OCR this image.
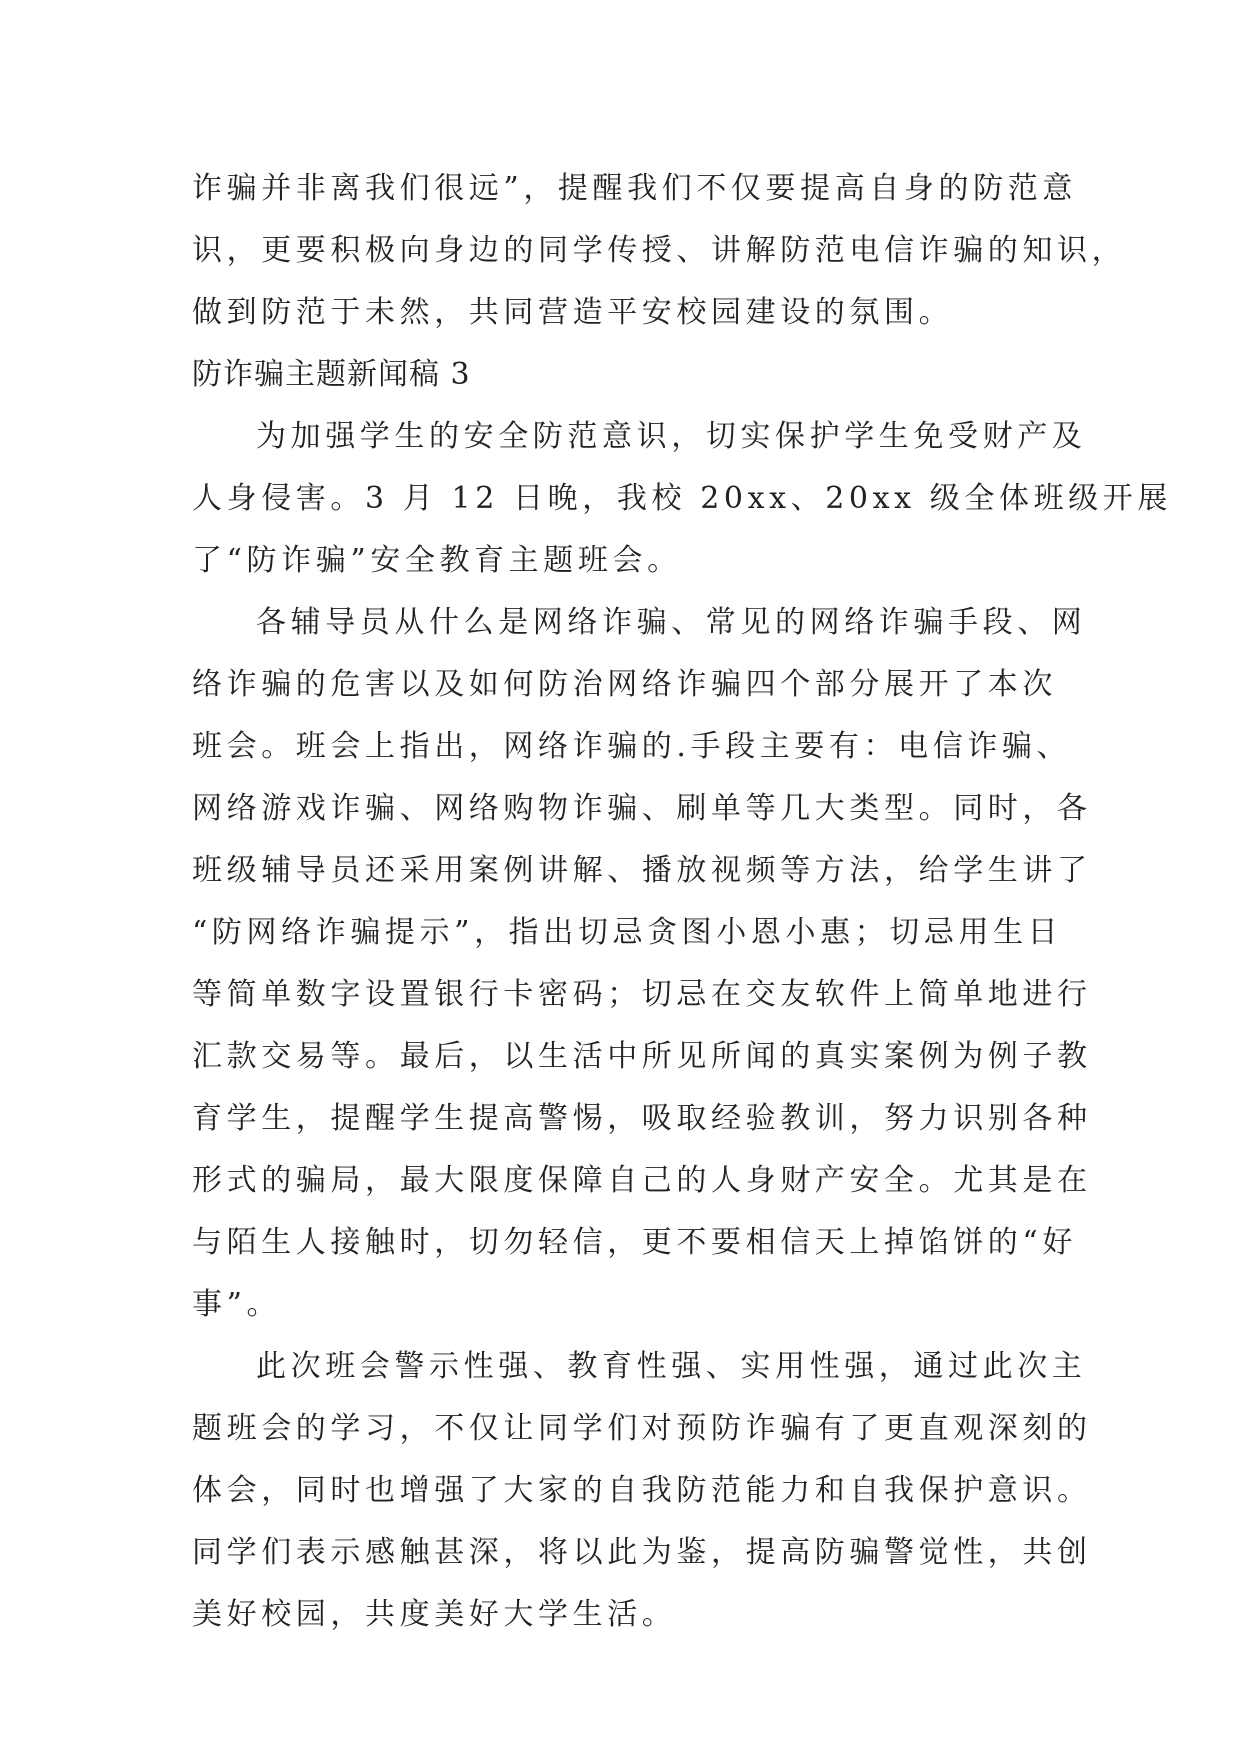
诈骗并非离我们很远”，提醒我们不仅要提高自身的防范意
识，更要积极向身边的同学传授、讲解防范电信诈骗的知识，
做到防范于未然，共同营造平安校园建设的氛围。
防诈骗主题新闻稿 3
为加强学生的安全防范意识，切实保护学生免受财产及
人身侵害。3 月 12 日晚，我校 20xx、20xx 级全体班级开展
了“防诈骗”安全教育主题班会。
各辅导员从什么是网络诈骗、常见的网络诈骗手段、网
络诈骗的危害以及如何防治网络诈骗四个部分展开了本次
班会。班会上指出，网络诈骗的.手段主要有：电信诈骗、
网络游戏诈骗、网络购物诈骗、刷单等几大类型。同时，各
班级辅导员还采用案例讲解、播放视频等方法，给学生讲了
“防网络诈骗提示”，指出切忌贪图小恩小惠；切忌用生日
等简单数字设置银行卡密码；切忌在交友软件上简单地进行
汇款交易等。最后，以生活中所见所闻的真实案例为例子教
育学生，提醒学生提高警惕，吸取经验教训，努力识别各种
形式的骗局，最大限度保障自己的人身财产安全。尤其是在
与陌生人接触时，切勿轻信，更不要相信天上掉馅饼的“好
事”。
此次班会警示性强、教育性强、实用性强，通过此次主
题班会的学习，不仅让同学们对预防诈骗有了更直观深刻的
体会，同时也增强了大家的自我防范能力和自我保护意识。
同学们表示感触甚深，将以此为鉴，提高防骗警觉性，共创
美好校园，共度美好大学生活。
